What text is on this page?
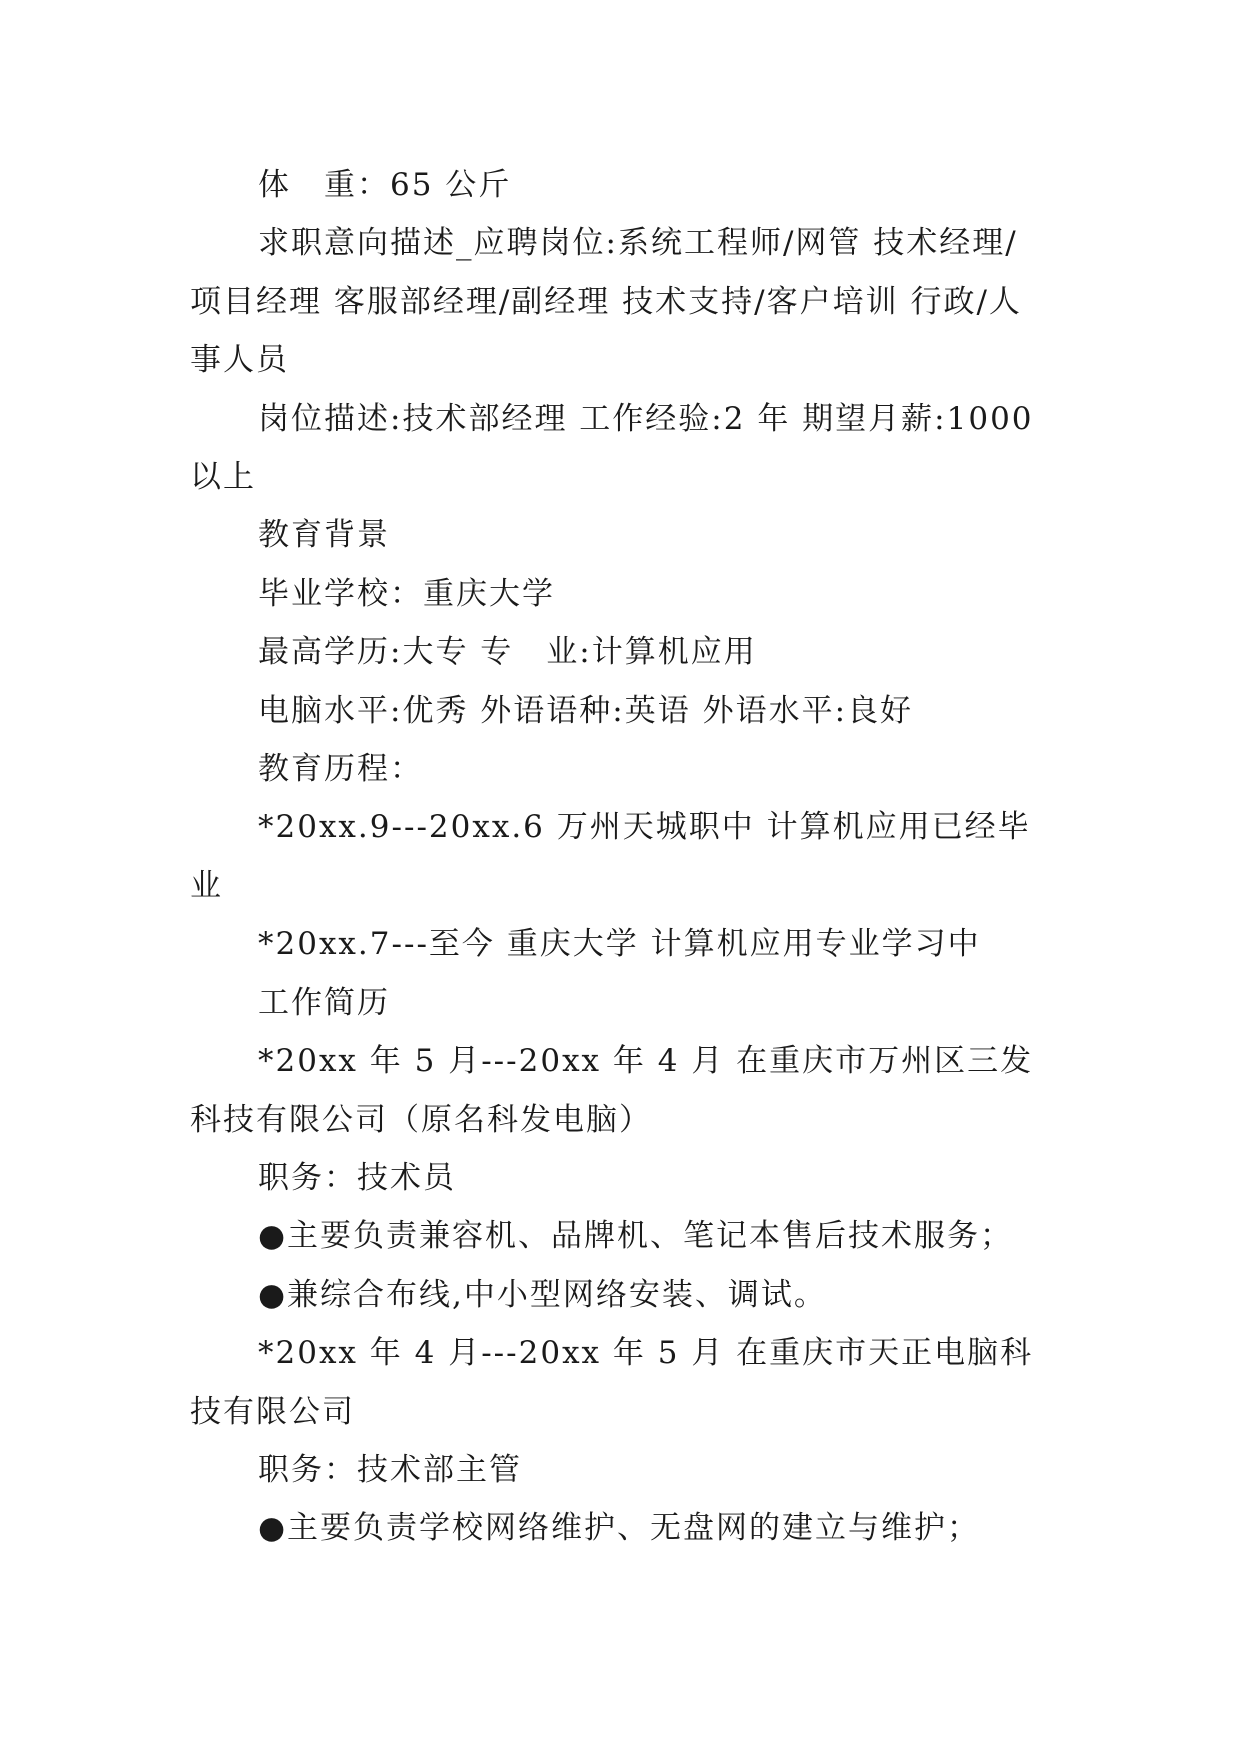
体　重：65 公斤

求职意向描述_应聘岗位:系统工程师/网管 技术经理/项目经理 客服部经理/副经理 技术支持/客户培训 行政/人事人员

岗位描述:技术部经理 工作经验:2 年 期望月薪:1000 以上

教育背景

毕业学校：重庆大学

最高学历:大专 专　业:计算机应用

电脑水平:优秀 外语语种:英语 外语水平:良好

教育历程：

*20xx.9---20xx.6 万州天城职中 计算机应用已经毕业

*20xx.7---至今 重庆大学 计算机应用专业学习中

工作简历

*20xx 年 5 月---20xx 年 4 月 在重庆市万州区三发科技有限公司（原名科发电脑）

职务：技术员

●主要负责兼容机、品牌机、笔记本售后技术服务；

●兼综合布线,中小型网络安装、调试。

*20xx 年 4 月---20xx 年 5 月 在重庆市天正电脑科技有限公司

职务：技术部主管

●主要负责学校网络维护、无盘网的建立与维护；
